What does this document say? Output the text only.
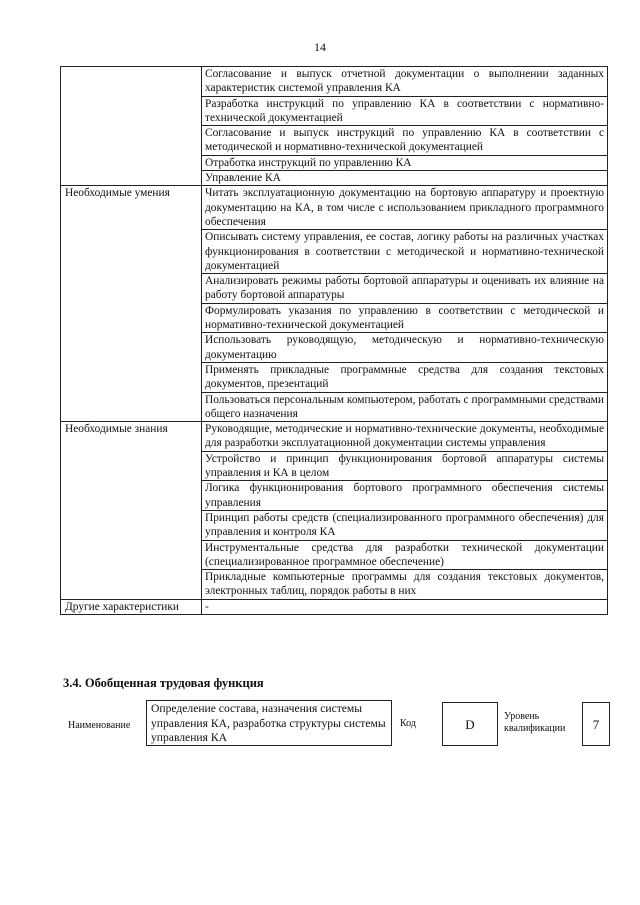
14
	Согласование и выпуск отчетной документации о выполнении заданных характеристик системой управления КА
	Разработка инструкций по управлению КА в соответствии с нормативно-технической документацией
	Согласование и выпуск инструкций по управлению КА в соответствии с методической и нормативно-технической документацией
	Отработка инструкций по управлению КА
	Управление КА
Необходимые умения	Читать эксплуатационную документацию на бортовую аппаратуру и проектную документацию на КА, в том числе с использованием прикладного программного обеспечения
	Описывать систему управления, ее состав, логику работы на различных участках функционирования в соответствии с методической и нормативно-технической документацией
	Анализировать режимы работы бортовой аппаратуры и оценивать их влияние на работу бортовой аппаратуры
	Формулировать указания по управлению в соответствии с методической и нормативно-технической документацией
	Использовать руководящую, методическую и нормативно-техническую документацию
	Применять прикладные программные средства для создания текстовых документов, презентаций
	Пользоваться персональным компьютером, работать с программными средствами общего назначения
Необходимые знания	Руководящие, методические и нормативно-технические документы, необходимые для разработки эксплуатационной документации системы управления
	Устройство и принцип функционирования бортовой аппаратуры системы управления и КА в целом
	Логика функционирования бортового программного обеспечения системы управления
	Принцип работы средств (специализированного программного обеспечения) для управления и контроля КА
	Инструментальные средства для разработки технической документации (специализированное программное обеспечение)
	Прикладные компьютерные программы для создания текстовых документов, электронных таблиц, порядок работы в них
Другие характеристики	-
3.4. Обобщенная трудовая функция
Наименование
Определение состава, назначения системы управления КА, разработка структуры системы управления КА
Код	D
Уровень квалификации	7
